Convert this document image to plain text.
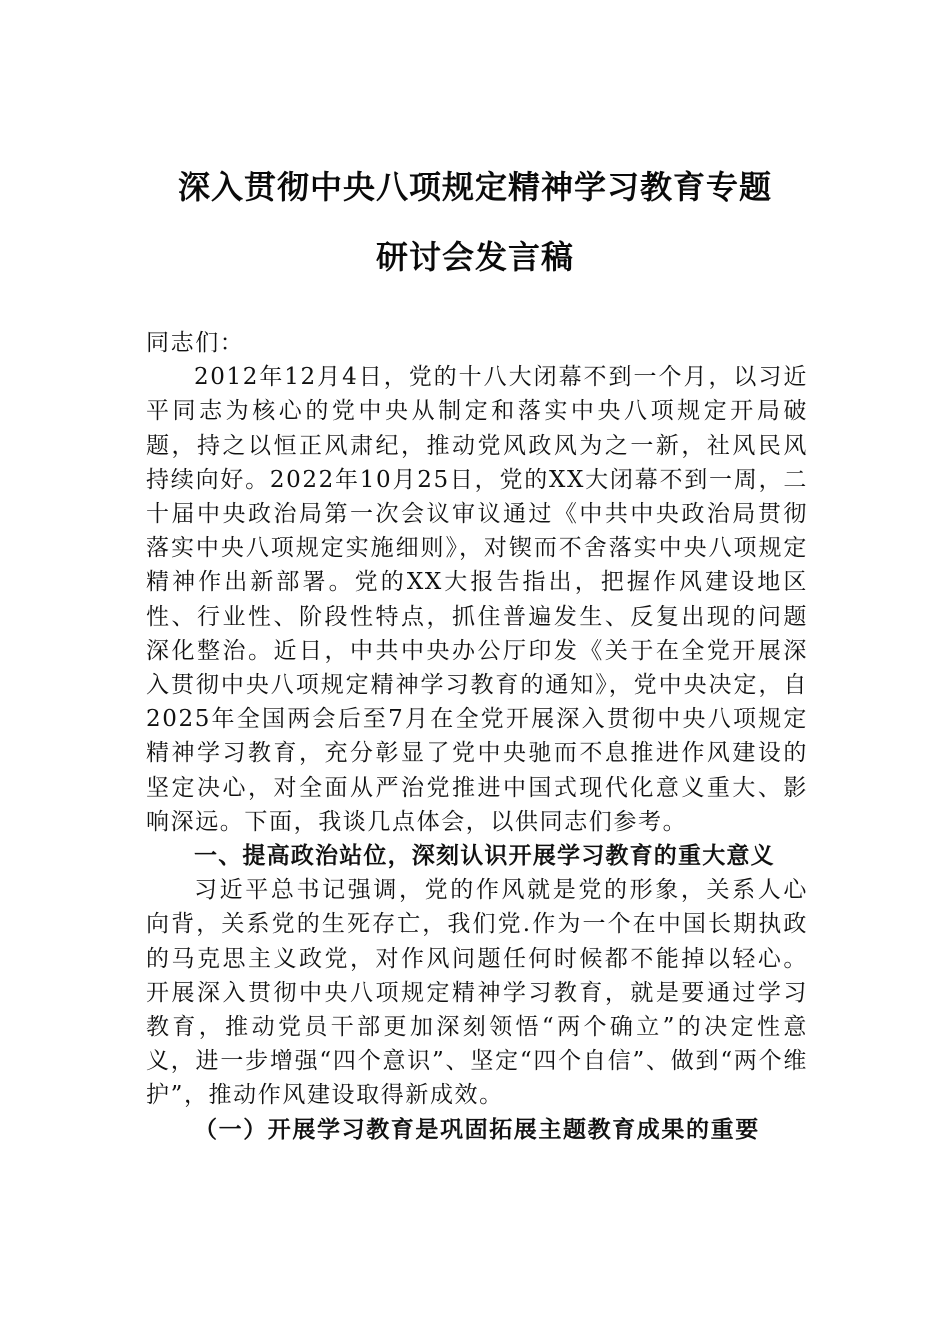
深入贯彻中央八项规定精神学习教育专题
研讨会发言稿

同志们：

2012年12月4日，党的十八大闭幕不到一个月，以习近平同志为核心的党中央从制定和落实中央八项规定开局破题，持之以恒正风肃纪，推动党风政风为之一新，社风民风持续向好。2022年10月25日，党的XX大闭幕不到一周，二十届中央政治局第一次会议审议通过《中共中央政治局贯彻落实中央八项规定实施细则》，对锲而不舍落实中央八项规定精神作出新部署。党的XX大报告指出，把握作风建设地区性、行业性、阶段性特点，抓住普遍发生、反复出现的问题深化整治。近日，中共中央办公厅印发《关于在全党开展深入贯彻中央八项规定精神学习教育的通知》，党中央决定，自2025年全国两会后至7月在全党开展深入贯彻中央八项规定精神学习教育，充分彰显了党中央驰而不息推进作风建设的坚定决心，对全面从严治党推进中国式现代化意义重大、影响深远。下面，我谈几点体会，以供同志们参考。

一、提高政治站位，深刻认识开展学习教育的重大意义

习近平总书记强调，党的作风就是党的形象，关系人心向背，关系党的生死存亡，我们党.作为一个在中国长期执政的马克思主义政党，对作风问题任何时候都不能掉以轻心。开展深入贯彻中央八项规定精神学习教育，就是要通过学习教育，推动党员干部更加深刻领悟“两个确立”的决定性意义，进一步增强“四个意识”、坚定“四个自信”、做到“两个维护”，推动作风建设取得新成效。

（一）开展学习教育是巩固拓展主题教育成果的重要
